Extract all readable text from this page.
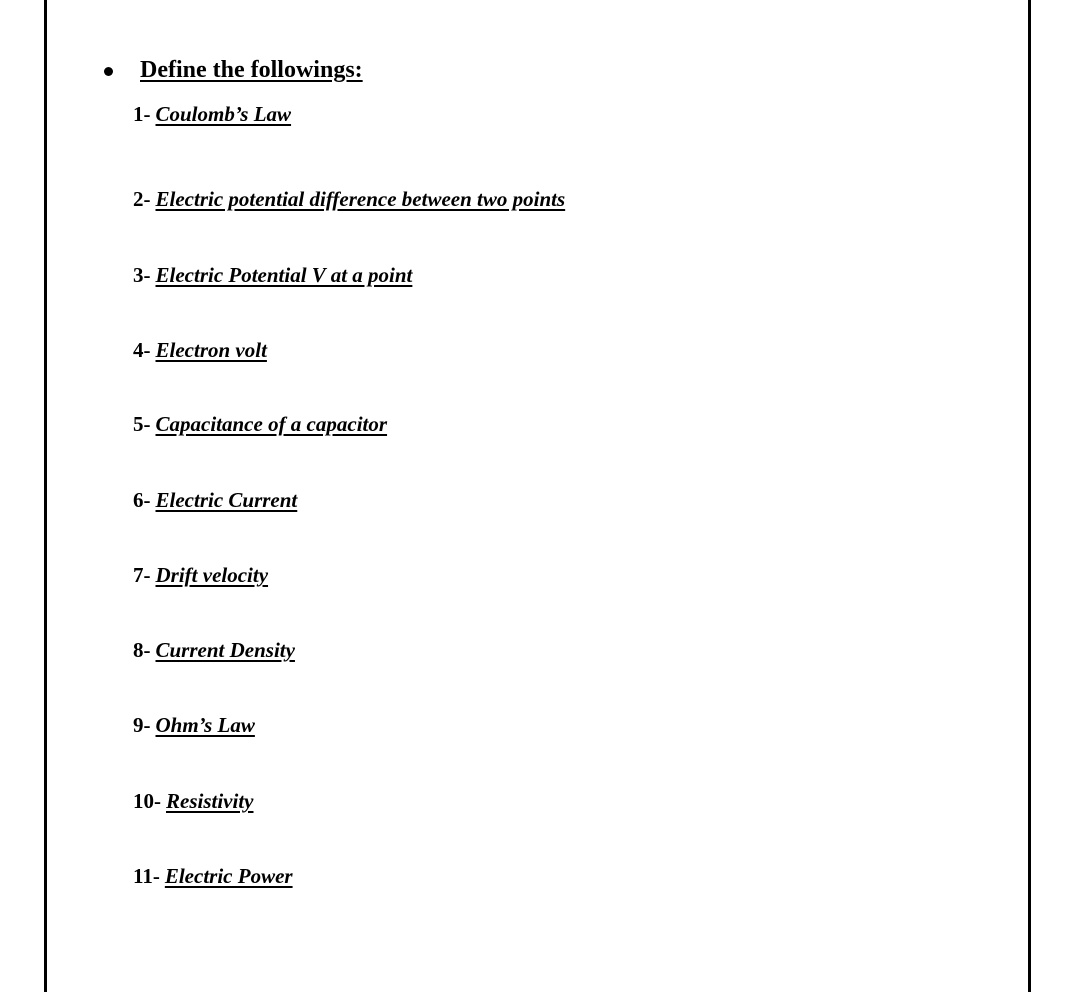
Define the followings:
1- Coulomb’s Law
2- Electric potential difference between two points
3- Electric Potential V at a point
4- Electron volt
5- Capacitance of a capacitor
6- Electric Current
7- Drift velocity
8- Current Density
9- Ohm’s Law
10- Resistivity
11- Electric Power
